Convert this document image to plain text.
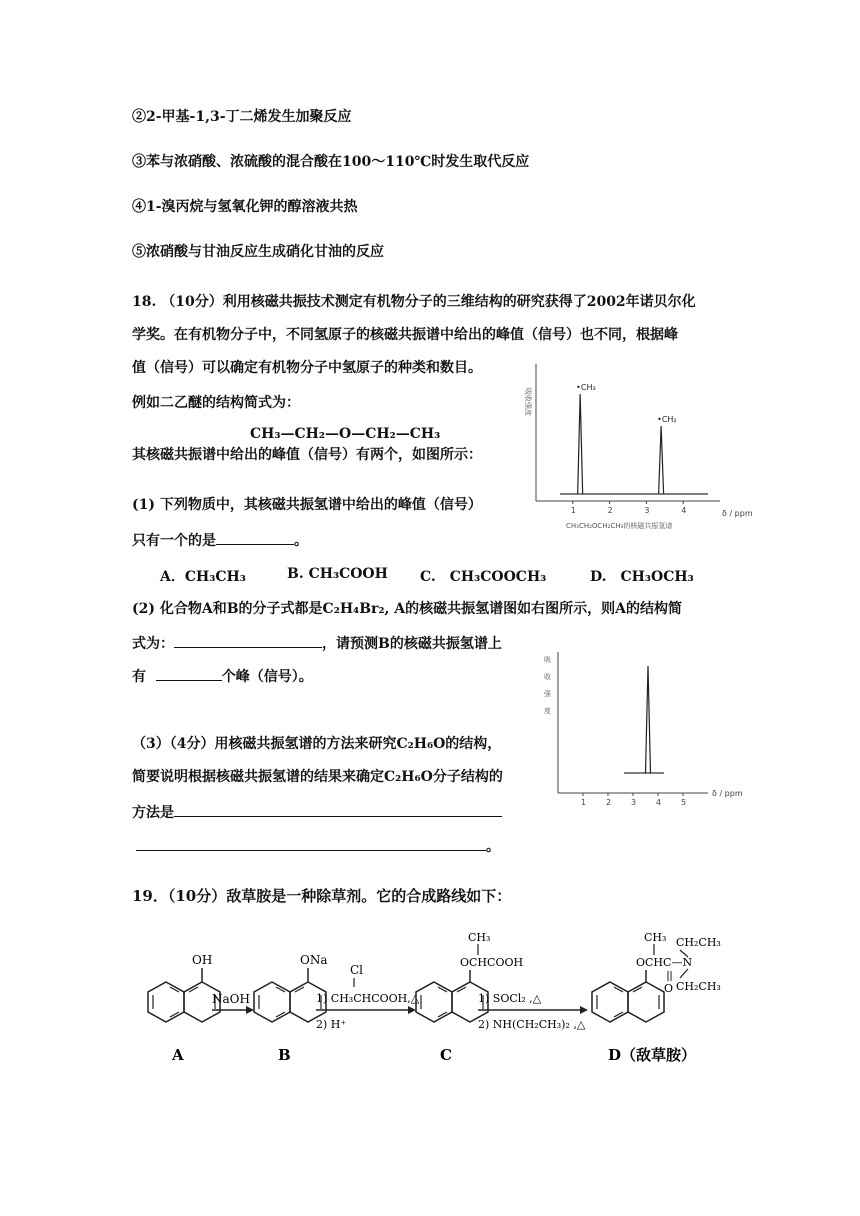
②2-甲基-1,3-丁二烯发生加聚反应
③苯与浓硝酸、浓硫酸的混合酸在100～110℃时发生取代反应
④1-溴丙烷与氢氧化钾的醇溶液共热
⑤浓硝酸与甘油反应生成硝化甘油的反应
18. （10分）利用核磁共振技术测定有机物分子的三维结构的研究获得了2002年诺贝尔化
学奖。在有机物分子中，不同氢原子的核磁共振谱中给出的峰值（信号）也不同，根据峰
值（信号）可以确定有机物分子中氢原子的种类和数目。
例如二乙醚的结构简式为：
CH₃—CH₂—O—CH₂—CH₃
其核磁共振谱中给出的峰值（信号）有两个，如图所示：
(1) 下列物质中，其核磁共振氢谱中给出的峰值（信号）
只有一个的是	。
A．CH₃CH₃	B. CH₃COOH C.　CH₃COOCH₃	D.　CH₃OCH₃
(2) 化合物A和B的分子式都是C₂H₄Br₂, A的核磁共振氢谱图如右图所示，则A的结构简
式为：	，请预测B的核磁共振氢谱上
有	个峰（信号）。
（3）（4分）用核磁共振氢谱的方法来研究C₂H₆O的结构，
简要说明根据核磁共振氢谱的结果来确定C₂H₆O分子结构的
方法是
。
吸收强度
δ / ppm
CH₃CH₂OCH₂CH₃的核磁共振氢谱
1	2	3	4
•CH₃
•CH₂
吸 收 强 度
δ / ppm
1 2 3 4 5
19．（10分）敌草胺是一种除草剂。它的合成路线如下：
OH
NaOH
ONa
Cl
1) CH₃CHCOOH,△
2) H⁺
OCHCOOH
CH₃
1) SOCl₂ ,△
2) NH(CH₂CH₃)₂ ,△
OCHC—N
CH₃
O
CH₂CH₃
CH₂CH₃
A	B	C	D（敌草胺）
